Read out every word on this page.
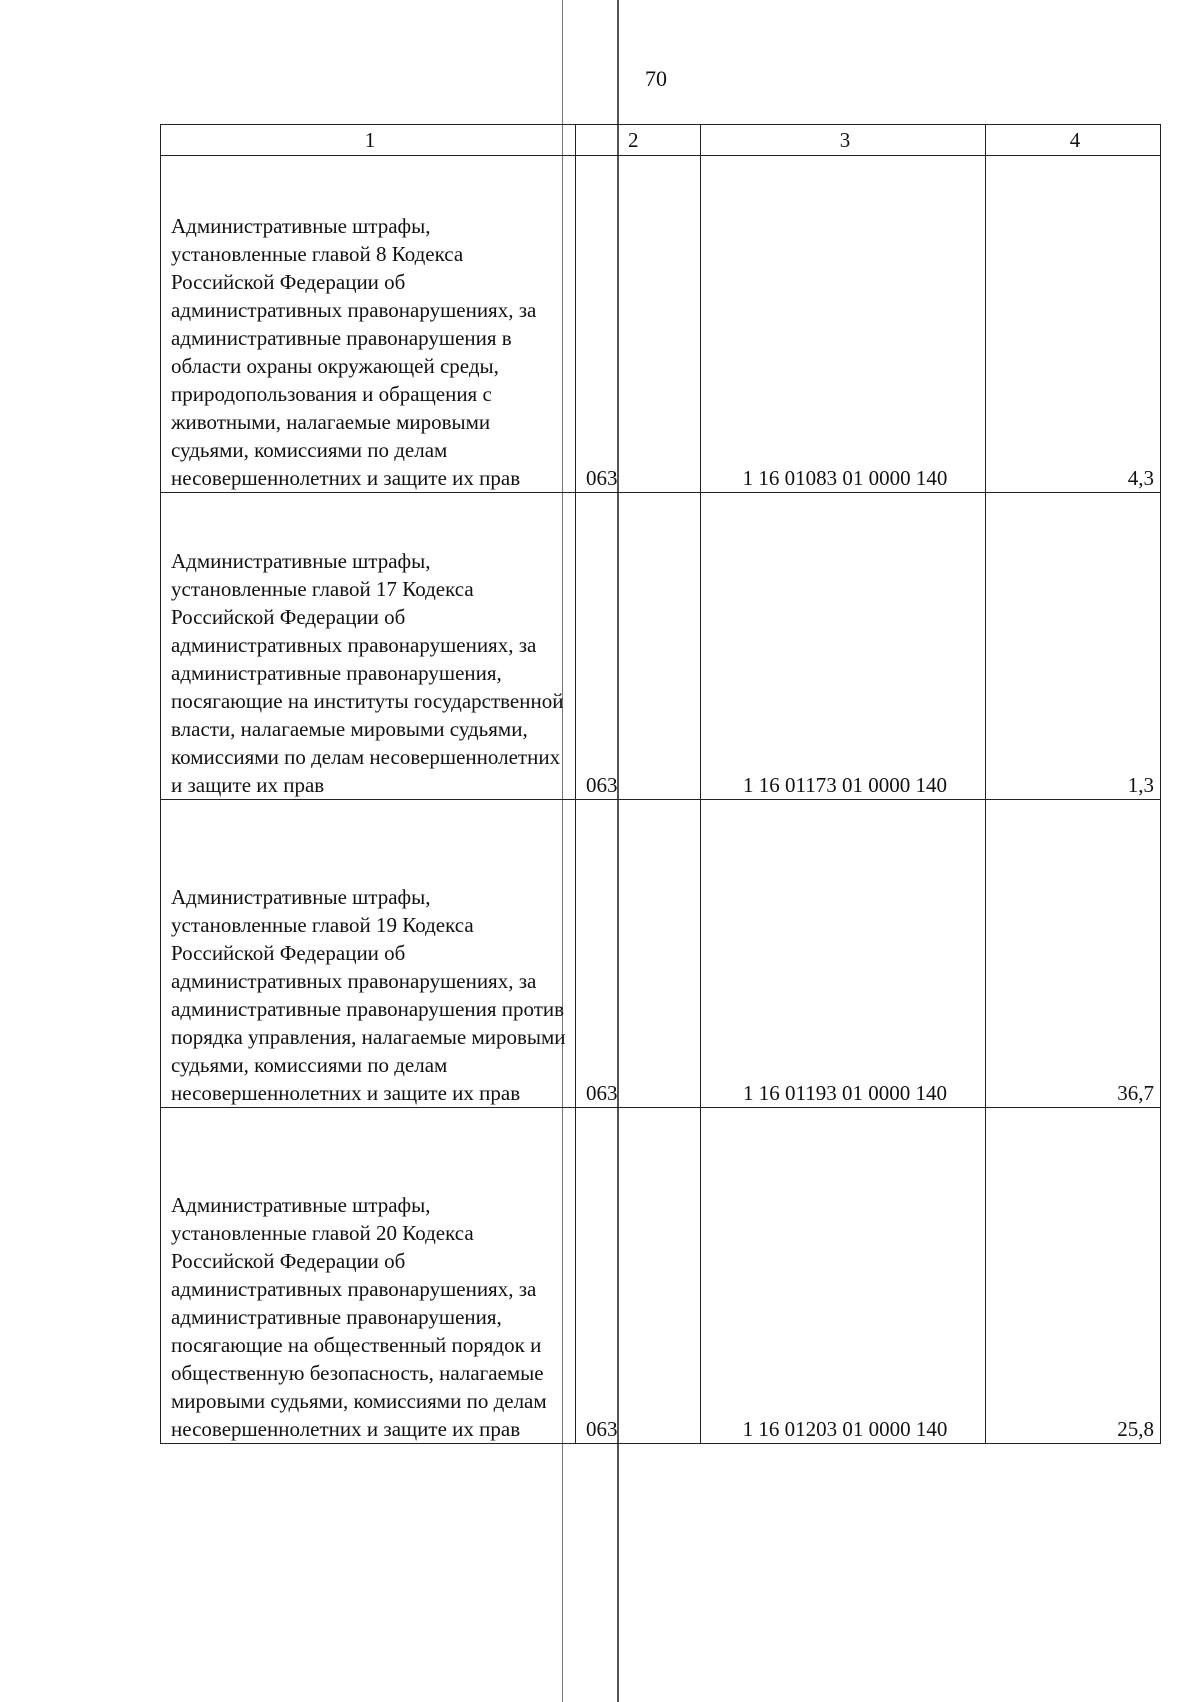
70
1	2	3	4
Административные штрафы, установленные главой 8 Кодекса Российской Федерации об административных правонарушениях, за административные правонарушения в области охраны окружающей среды, природопользования и обращения с животными, налагаемые мировыми судьями, комиссиями по делам несовершеннолетних и защите их прав	063	1 16 01083 01 0000 140	4,3
Административные штрафы, установленные главой 17 Кодекса Российской Федерации об административных правонарушениях, за административные правонарушения, посягающие на институты государственной власти, налагаемые мировыми судьями, комиссиями по делам несовершеннолетних и защите их прав	063	1 16 01173 01 0000 140	1,3
Административные штрафы, установленные главой 19 Кодекса Российской Федерации об административных правонарушениях, за административные правонарушения против порядка управления, налагаемые мировыми судьями, комиссиями по делам несовершеннолетних и защите их прав	063	1 16 01193 01 0000 140	36,7
Административные штрафы, установленные главой 20 Кодекса Российской Федерации об административных правонарушениях, за административные правонарушения, посягающие на общественный порядок и общественную безопасность, налагаемые мировыми судьями, комиссиями по делам несовершеннолетних и защите их прав	063	1 16 01203 01 0000 140	25,8
